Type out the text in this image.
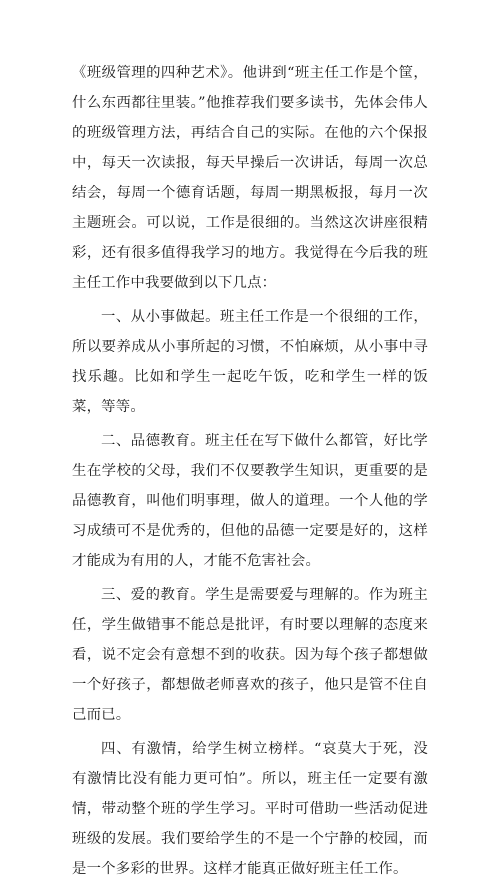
《班级管理的四种艺术》。他讲到“班主任工作是个筐，什么东西都往里装。”他推荐我们要多读书，先体会伟人的班级管理方法，再结合自己的实际。在他的六个保报中，每天一次读报，每天早操后一次讲话，每周一次总结会，每周一个德育话题，每周一期黑板报，每月一次主题班会。可以说，工作是很细的。当然这次讲座很精彩，还有很多值得我学习的地方。我觉得在今后我的班主任工作中我要做到以下几点：

一、从小事做起。班主任工作是一个很细的工作，所以要养成从小事所起的习惯，不怕麻烦，从小事中寻找乐趣。比如和学生一起吃午饭，吃和学生一样的饭菜，等等。

二、品德教育。班主任在写下做什么都管，好比学生在学校的父母，我们不仅要教学生知识，更重要的是品德教育，叫他们明事理，做人的道理。一个人他的学习成绩可不是优秀的，但他的品德一定要是好的，这样才能成为有用的人，才能不危害社会。

三、爱的教育。学生是需要爱与理解的。作为班主任，学生做错事不能总是批评，有时要以理解的态度来看，说不定会有意想不到的收获。因为每个孩子都想做一个好孩子，都想做老师喜欢的孩子，他只是管不住自己而已。

四、有激情，给学生树立榜样。“哀莫大于死，没有激情比没有能力更可怕”。所以，班主任一定要有激情，带动整个班的学生学习。平时可借助一些活动促进班级的发展。我们要给学生的不是一个宁静的校园，而是一个多彩的世界。这样才能真正做好班主任工作。
